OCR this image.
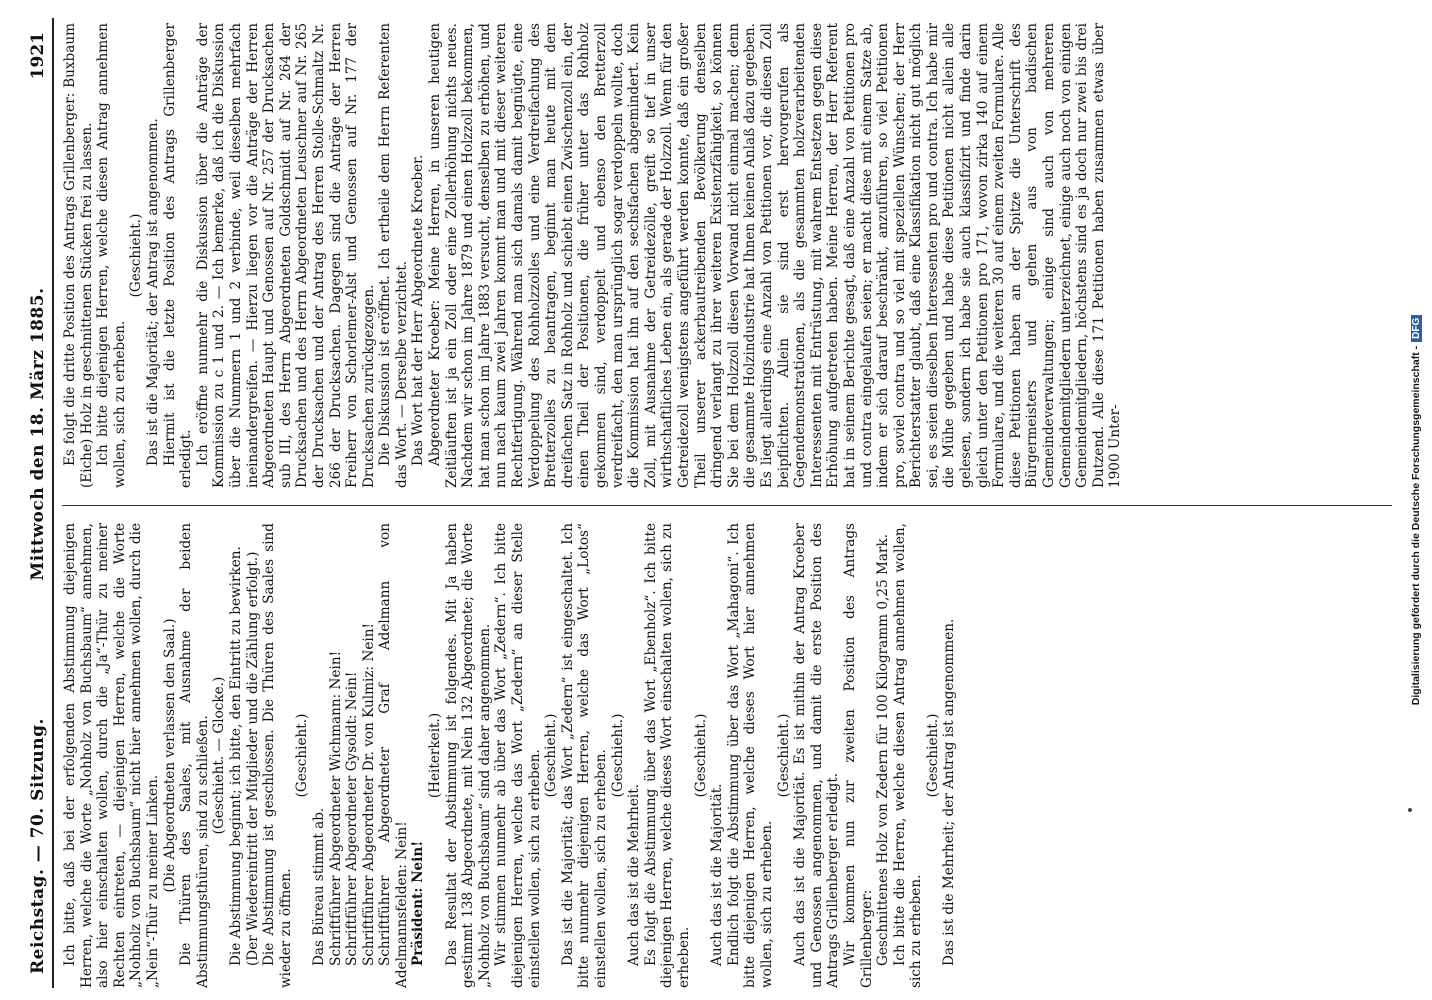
Reichstag. — 70. Sitzung.
Mittwoch den 18. März 1885.
1921

Ich bitte, daß bei der erfolgenden Abstimmung diejenigen Herren, welche die Worte „Nohholz von Buchsbaum“ annehmen, also hier einschalten wollen, durch die „Ja“-Thür zu meiner Rechten eintreten, — diejenigen Herren, welche die Worte „Nohholz von Buchsbaum“ nicht hier annehmen wollen, durch die „Nein“-Thür zu meiner Linken. (Die Abgeordneten verlassen den Saal.) Die Thüren des Saales, mit Ausnahme der beiden Abstimmungsthüren, sind zu schließen. (Geschieht. — Glocke.) Die Abstimmung beginnt; ich bitte, den Eintritt zu bewirken. (Der Wiedereintritt der Mitglieder und die Zählung erfolgt.) Die Abstimmung ist geschlossen. Die Thüren des Saales sind wieder zu öffnen.

(Geschieht.)

Das Büreau stimmt ab. Schriftführer Abgeordneter Wichmann: Nein! Schriftführer Abgeordneter Gysoldt: Nein! Schriftführer Abgeordneter Dr. von Kulmiz: Nein! Schriftführer Abgeordneter Graf Adelmann von Adelmannsfelden: Nein! Präsident: Nein!

(Heiterkeit.) Das Resultat der Abstimmung ist folgendes. Mit Ja haben gestimmt 138 Abgeordnete, mit Nein 132 Abgeordnete; die Worte „Nohholz von Buchsbaum“ sind daher angenommen. Wir stimmen nunmehr ab über das Wort „Zedern“. Ich bitte diejenigen Herren, welche das Wort „Zedern“ an dieser Stelle einstellen wollen, sich zu erheben. (Geschieht.) Das ist die Majorität; das Wort „Zedern“ ist eingeschaltet. Ich bitte nunmehr diejenigen Herren, welche das Wort „Lotos“ einstellen wollen, sich zu erheben. (Geschieht.)

Auch das ist die Mehrheit. Es folgt die Abstimmung über das Wort „Ebenholz“. Ich bitte diejenigen Herren, welche dieses Wort einschalten wollen, sich zu erheben.

(Geschieht.)

Auch das ist die Majorität. Endlich folgt die Abstimmung über das Wort „Mahagoni“. Ich bitte diejenigen Herren, welche dieses Wort hier annehmen wollen, sich zu erheben.

(Geschieht.) Auch das ist die Majorität. Es ist mithin der Antrag Kroeber und Genossen angenommen, und damit die erste Position des Antrags Grillenberger erledigt. Wir kommen nun zur zweiten Position des Antrags Grillenberger: Geschnittenes Holz von Zedern für 100 Kilogramm 0,25 Mark. Ich bitte die Herren, welche diesen Antrag annehmen wollen, sich zu erheben.

(Geschieht.) Das ist die Mehrheit; der Antrag ist angenommen.

Es folgt die dritte Position des Antrags Grillenberger: Buxbaum (Eiche) Holz in geschnittenen Stücken frei zu lassen. Ich bitte diejenigen Herren, welche diesen Antrag annehmen wollen, sich zu erheben.

(Geschieht.) Das ist die Majorität; der Antrag ist angenommen. Hiermit ist die letzte Position des Antrags Grillenberger erledigt. Ich eröffne nunmehr die Diskussion über die Anträge der Kommission zu c 1 und 2. — Ich bemerke, daß ich die Diskussion über die Nummern 1 und 2 verbinde, weil dieselben mehrfach ineinandergreifen. — Hierzu liegen vor die Anträge der Herren Abgeordneten Haupt und Genossen auf Nr. 257 der Drucksachen sub III, des Herrn Abgeordneten Goldschmidt auf Nr. 264 der Drucksachen und des Herrn Abgeordneten Leuschner auf Nr. 265 der Drucksachen und der Antrag des Herren Stolle-Schmaltz Nr. 266 der Drucksachen. Dagegen sind die Anträge der Herren Freiherr von Schorlemer-Alst und Genossen auf Nr. 177 der Drucksachen zurückgezogen. Die Diskussion ist eröffnet. Ich ertheile dem Herrn Referenten das Wort. — Derselbe verzichtet. Das Wort hat der Herr Abgeordnete Kroeber. Abgeordneter Kroeber: Meine Herren, in unseren heutigen Zeitläuften ist ja ein Zoll oder eine Zollerhöhung nichts neues. Nachdem wir schon im Jahre 1879 und einen Holzzoll bekommen, hat man schon im Jahre 1883 versucht, denselben zu erhöhen, und nun nach kaum zwei Jahren kommt man und mit dieser weiteren Rechtfertigung. Während man sich damals damit begnügte, eine Verdoppelung des Rohholzzolles und eine Verdreifachung des Bretterzolles zu beantragen, beginnt man heute mit dem dreifachen Satz in Rohholz und schiebt einen Zwischenzoll ein, der einen Theil der Positionen, die früher unter das Rohholz gekommen sind, verdoppelt und ebenso den Bretterzoll verdreifacht, den man ursprünglich sogar verdoppeln wollte, doch die Kommission hat ihn auf den sechsfachen abgemindert. Kein Zoll, mit Ausnahme der Getreidezölle, greift so tief in unser wirthschaftliches Leben ein, als gerade der Holzzoll. Wenn für den Getreidezoll wenigstens angeführt werden konnte, daß ein großer Theil unserer ackerbautreibenden Bevölkerung denselben dringend verlangt zu ihrer weiteren Existenzfähigkeit, so können Sie bei dem Holzzoll diesen Vorwand nicht einmal machen; denn die gesammte Holzindustrie hat Ihnen keinen Anlaß dazu gegeben. Es liegt allerdings eine Anzahl von Petitionen vor, die diesen Zoll beipflichten. Allein sie sind erst hervorgerufen als Gegendemonstrationen, als die gesammten holzverarbeitenden Interessenten mit Entrüstung, mit wahrem Entsetzen gegen diese Erhöhung aufgetreten haben. Meine Herren, der Herr Referent hat in seinem Berichte gesagt, daß eine Anzahl von Petitionen pro und contra eingelaufen seien; er macht diese mit einem Satze ab, indem er sich darauf beschränkt, anzuführen, so viel Petitionen pro, soviel contra und so viel mit speziellen Wünschen; der Herr Berichterstatter glaubt, daß eine Klassifikation nicht gut möglich sei, es seien dieselben Interessenten pro und contra. Ich habe mir die Mühe gegeben und habe diese Petitionen nicht allein alle gelesen, sondern ich habe sie auch klassifizirt und finde darin gleich unter den Petitionen pro 171, wovon zirka 140 auf einem Formulare, und die weiteren 30 auf einem zweiten Formulare. Alle diese Petitionen haben an der Spitze die Unterschrift des Bürgermeisters und gehen aus von badischen Gemeindeverwaltungen; einige sind auch von mehreren Gemeindemitgliedern unterzeichnet, einige auch noch von einigen Gemeindemitgliedern, höchstens sind es ja doch nur zwei bis drei Dutzend. Alle diese 171 Petitionen haben zusammen etwas über 1900 Unter-	Digitalisierung gefördert durch die Deutsche Forschungsgemeinschaft -DFG
